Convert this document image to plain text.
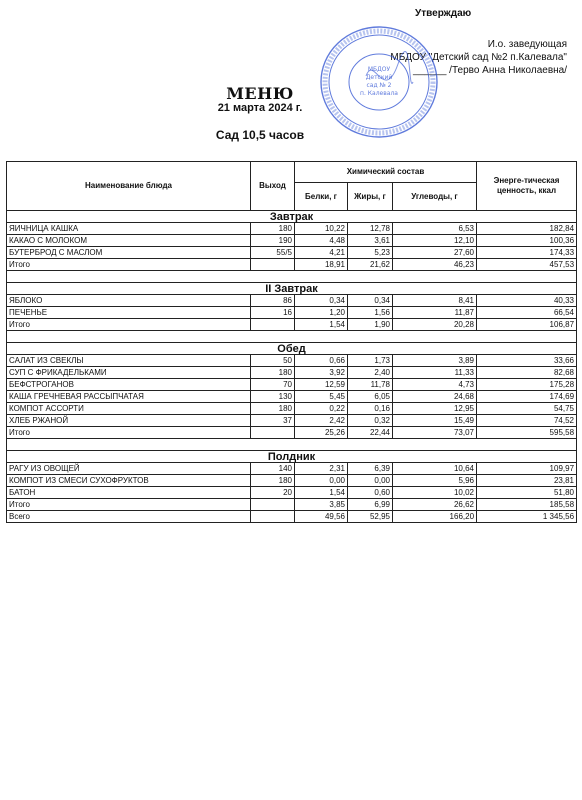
Утверждаю
И.о. заведующая
МБДОУ "Детский сад №2 п.Калевала"
______ /Терво Анна Николаевна/
МБДОУ
Детский
сад № 2
п. Калевала
МЕНЮ
21 марта 2024 г.
Сад 10,5 часов
Наименование блюда	Выход	Химический состав			Энерге-тическая ценность, ккал
		Белки, г	Жиры, г	Углеводы, г	
Завтрак					
ЯИЧНИЦА КАШКА	180	10,22	12,78	6,53	182,84
КАКАО С МОЛОКОМ	190	4,48	3,61	12,10	100,36
БУТЕРБРОД С МАСЛОМ	55/5	4,21	5,23	27,60	174,33
Итого		18,91	21,62	46,23	457,53

II Завтрак					
ЯБЛОКО	86	0,34	0,34	8,41	40,33
ПЕЧЕНЬЕ	16	1,20	1,56	11,87	66,54
Итого		1,54	1,90	20,28	106,87

Обед					
САЛАТ ИЗ СВЕКЛЫ	50	0,66	1,73	3,89	33,66
СУП С ФРИКАДЕЛЬКАМИ	180	3,92	2,40	11,33	82,68
БЕФСТРОГАНОВ	70	12,59	11,78	4,73	175,28
КАША ГРЕЧНЕВАЯ РАССЫПЧАТАЯ	130	5,45	6,05	24,68	174,69
КОМПОТ АССОРТИ	180	0,22	0,16	12,95	54,75
ХЛЕБ РЖАНОЙ	37	2,42	0,32	15,49	74,52
Итого		25,26	22,44	73,07	595,58

Полдник					
РАГУ ИЗ ОВОЩЕЙ	140	2,31	6,39	10,64	109,97
КОМПОТ ИЗ СМЕСИ СУХОФРУКТОВ	180	0,00	0,00	5,96	23,81
БАТОН	20	1,54	0,60	10,02	51,80
Итого		3,85	6,99	26,62	185,58
Всего		49,56	52,95	166,20	1 345,56
